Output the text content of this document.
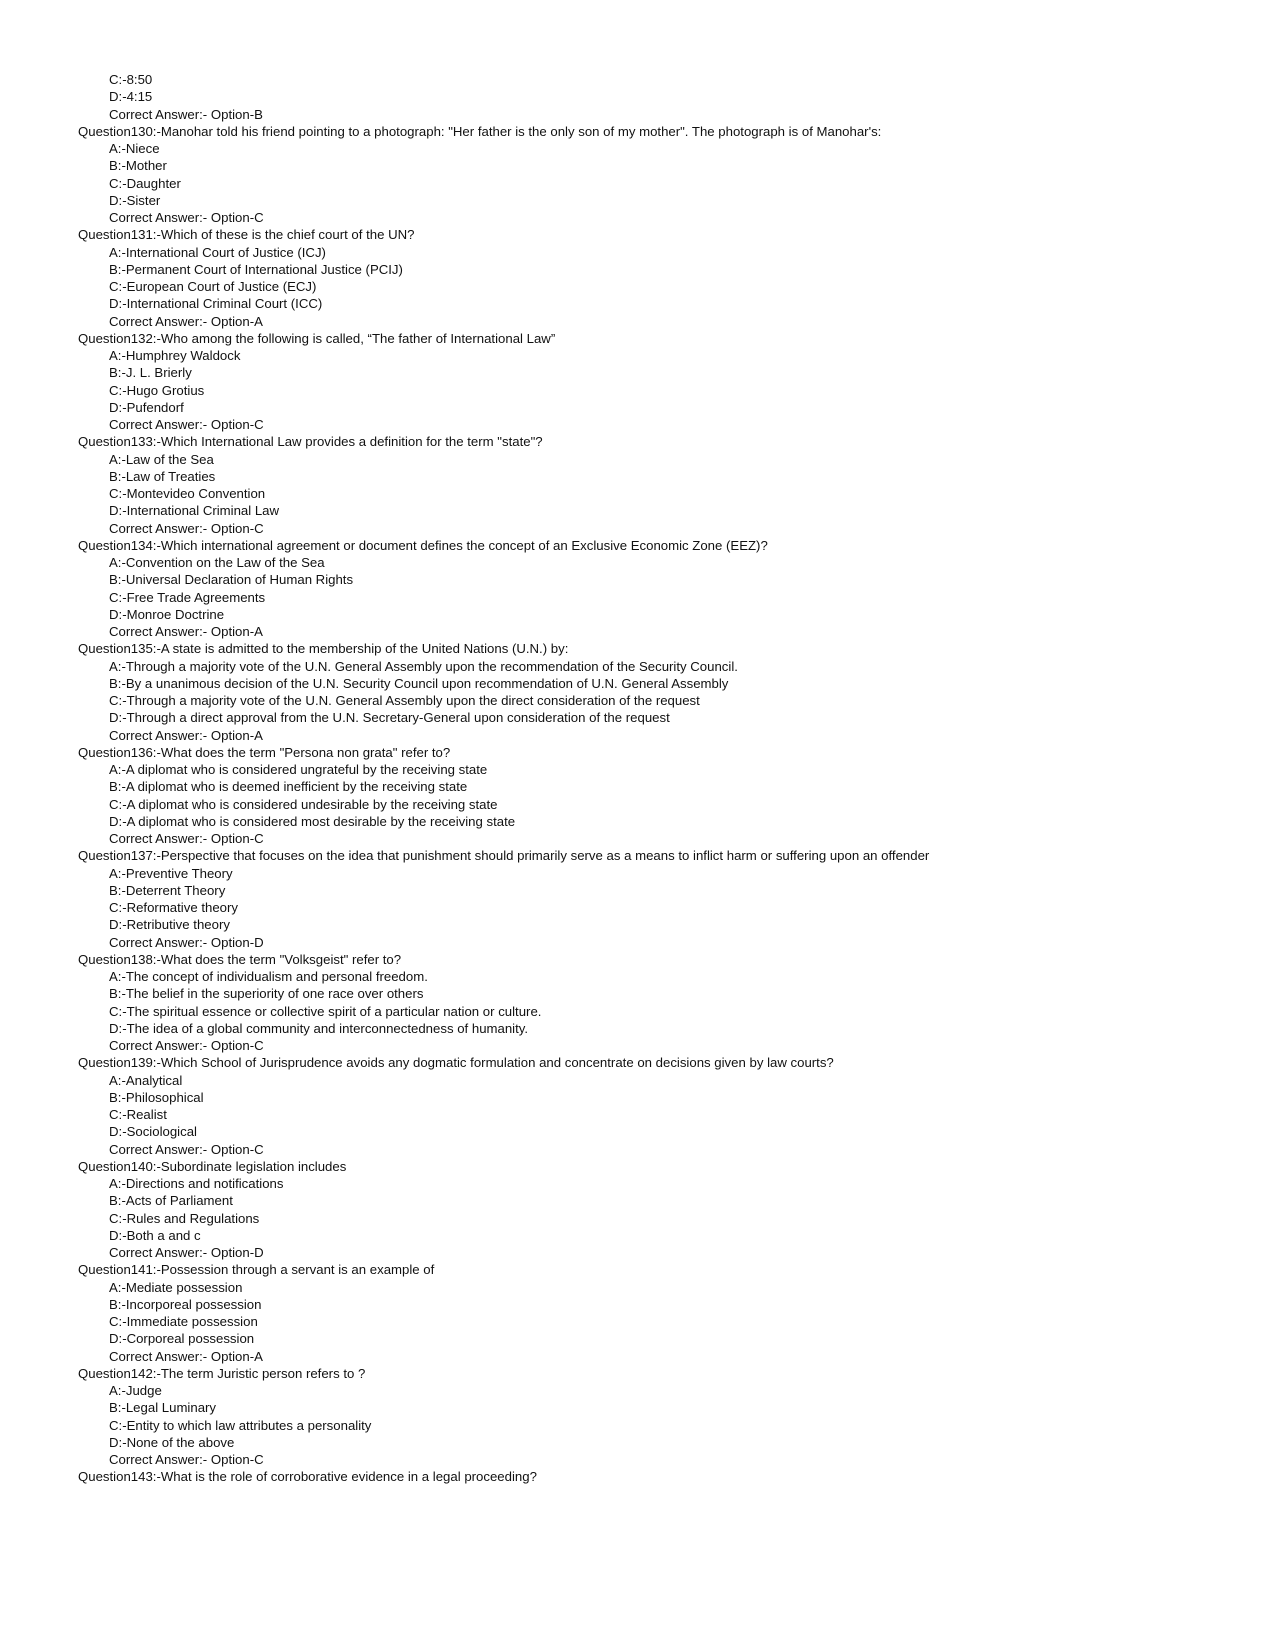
C:-8:50
D:-4:15
Correct Answer:- Option-B
Question130:-Manohar told his friend pointing to a photograph: "Her father is the only son of my mother". The photograph is of Manohar's:
A:-Niece
B:-Mother
C:-Daughter
D:-Sister
Correct Answer:- Option-C
Question131:-Which of these is the chief court of the UN?
A:-International Court of Justice (ICJ)
B:-Permanent Court of International Justice (PCIJ)
C:-European Court of Justice (ECJ)
D:-International Criminal Court (ICC)
Correct Answer:- Option-A
Question132:-Who among the following is called, “The father of International Law”
A:-Humphrey Waldock
B:-J. L. Brierly
C:-Hugo Grotius
D:-Pufendorf
Correct Answer:- Option-C
Question133:-Which International Law provides a definition for the term "state"?
A:-Law of the Sea
B:-Law of Treaties
C:-Montevideo Convention
D:-International Criminal Law
Correct Answer:- Option-C
Question134:-Which international agreement or document defines the concept of an Exclusive Economic Zone (EEZ)?
A:-Convention on the Law of the Sea
B:-Universal Declaration of Human Rights
C:-Free Trade Agreements
D:-Monroe Doctrine
Correct Answer:- Option-A
Question135:-A state is admitted to the membership of the United Nations (U.N.) by:
A:-Through a majority vote of the U.N. General Assembly upon the recommendation of the Security Council.
B:-By a unanimous decision of the U.N. Security Council upon recommendation of U.N. General Assembly
C:-Through a majority vote of the U.N. General Assembly upon the direct consideration of the request
D:-Through a direct approval from the U.N. Secretary-General upon consideration of the request
Correct Answer:- Option-A
Question136:-What does the term "Persona non grata" refer to?
A:-A diplomat who is considered ungrateful by the receiving state
B:-A diplomat who is deemed inefficient by the receiving state
C:-A diplomat who is considered undesirable by the receiving state
D:-A diplomat who is considered most desirable by the receiving state
Correct Answer:- Option-C
Question137:-Perspective that focuses on the idea that punishment should primarily serve as a means to inflict harm or suffering upon an offender
A:-Preventive Theory
B:-Deterrent Theory
C:-Reformative theory
D:-Retributive theory
Correct Answer:- Option-D
Question138:-What does the term "Volksgeist" refer to?
A:-The concept of individualism and personal freedom.
B:-The belief in the superiority of one race over others
C:-The spiritual essence or collective spirit of a particular nation or culture.
D:-The idea of a global community and interconnectedness of humanity.
Correct Answer:- Option-C
Question139:-Which School of Jurisprudence avoids any dogmatic formulation and concentrate on decisions given by law courts?
A:-Analytical
B:-Philosophical
C:-Realist
D:-Sociological
Correct Answer:- Option-C
Question140:-Subordinate legislation includes
A:-Directions and notifications
B:-Acts of Parliament
C:-Rules and Regulations
D:-Both a and c
Correct Answer:- Option-D
Question141:-Possession through a servant is an example of
A:-Mediate possession
B:-Incorporeal possession
C:-Immediate possession
D:-Corporeal possession
Correct Answer:- Option-A
Question142:-The term Juristic person refers to ?
A:-Judge
B:-Legal Luminary
C:-Entity to which law attributes a personality
D:-None of the above
Correct Answer:- Option-C
Question143:-What is the role of corroborative evidence in a legal proceeding?
